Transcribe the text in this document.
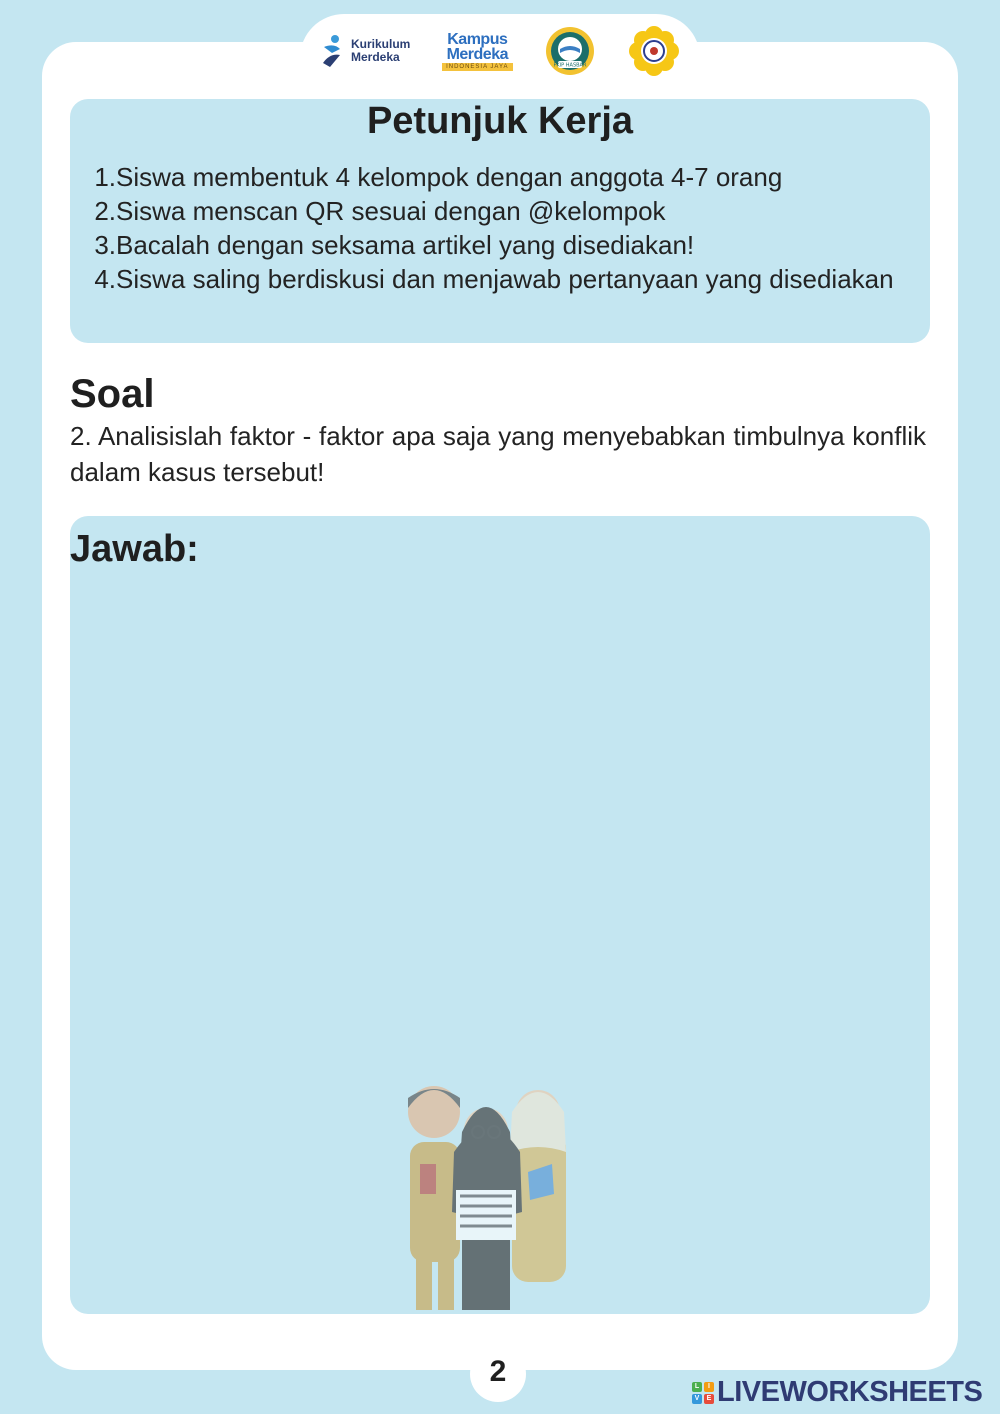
Kurikulum
Merdeka
Kampus
Merdeka
INDONESIA JAYA	FKIP HASBAR
Petunjuk Kerja
1. Siswa membentuk 4 kelompok dengan anggota 4-7 orang
2. Siswa menscan QR sesuai dengan @kelompok
3. Bacalah dengan seksama artikel yang disediakan!
4. Siswa saling berdiskusi dan menjawab pertanyaan yang disediakan
Soal

2. Analisislah faktor - faktor apa saja yang menyebabkan timbulnya konflik dalam kasus tersebut!

Jawab:
2	L	I
V	E LIVEWORKSHEETS
